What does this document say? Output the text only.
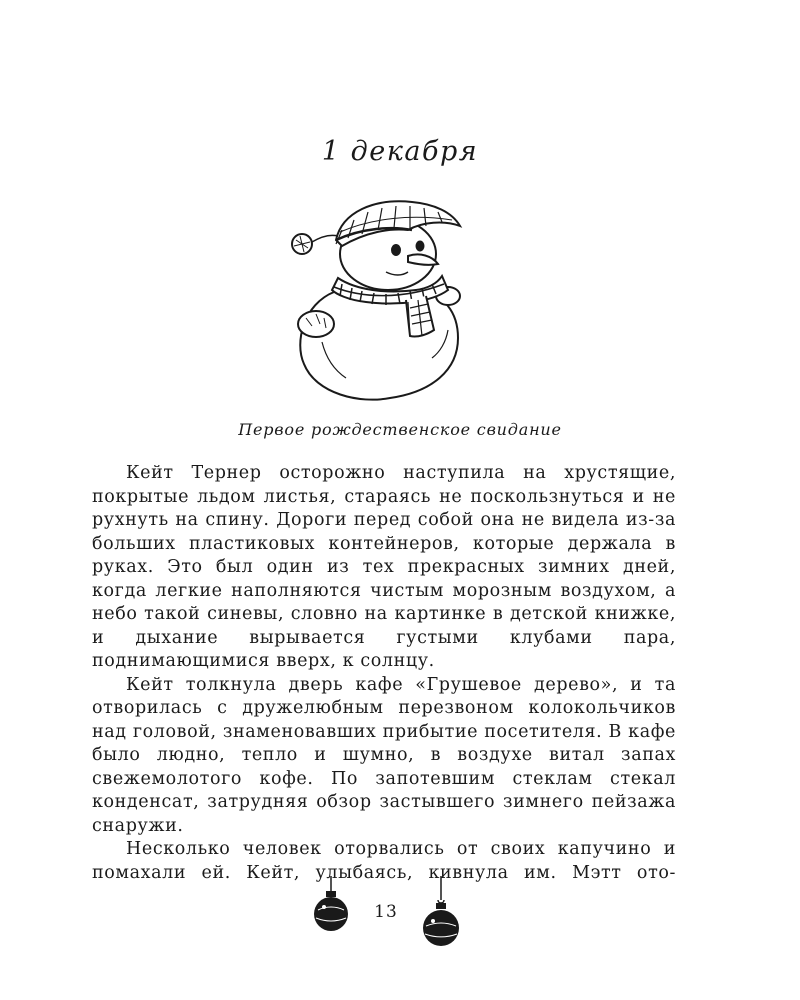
1 декабря
Первое рождественское свидание

Кейт Тернер осторожно наступила на хрустящие, покрытые льдом листья, стараясь не поскользнуться и не рухнуть на спину. Дороги перед собой она не видела из-за больших пластиковых контейнеров, которые держала в руках. Это был один из тех прекрасных зимних дней, когда легкие наполняются чистым морозным воздухом, а небо такой синевы, словно на картинке в детской книжке, и дыхание вырывается густыми клубами пара, поднимающимися вверх, к солнцу.

Кейт толкнула дверь кафе «Грушевое дерево», и та отворилась с дружелюбным перезвоном колокольчиков над головой, знаменовавших прибытие посетителя. В кафе было людно, тепло и шумно, в воздухе витал запах свежемолотого кофе. По запотевшим стеклам стекал конденсат, затрудняя обзор застывшего зимнего пейзажа снаружи.

Несколько человек оторвались от своих капучино и помахали ей. Кейт, улыбаясь, кивнула им. Мэтт ото-

13
